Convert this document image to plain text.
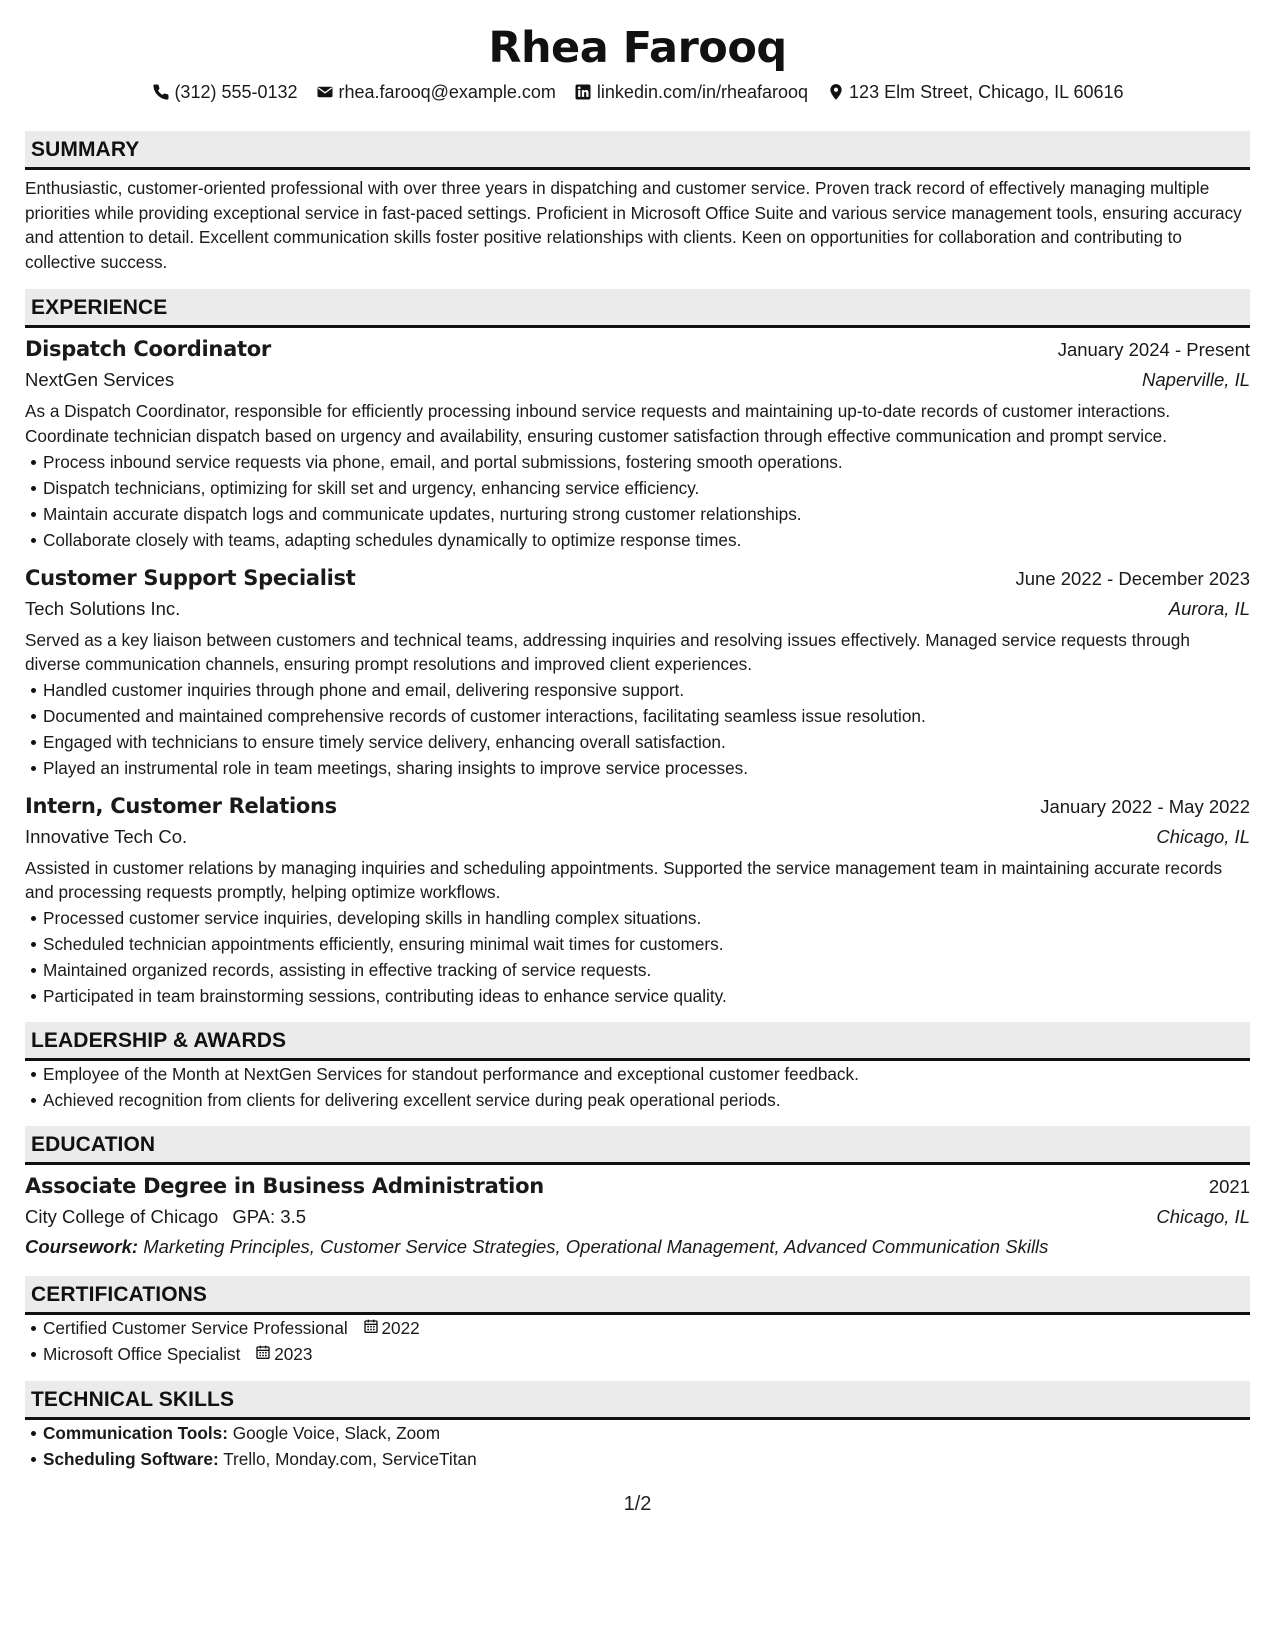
Rhea Farooq
(312) 555-0132 rhea.farooq@example.com linkedin.com/in/rheafarooq 123 Elm Street, Chicago, IL 60616
SUMMARY
Enthusiastic, customer-oriented professional with over three years in dispatching and customer service. Proven track record of effectively managing multiple priorities while providing exceptional service in fast-paced settings. Proficient in Microsoft Office Suite and various service management tools, ensuring accuracy and attention to detail. Excellent communication skills foster positive relationships with clients. Keen on opportunities for collaboration and contributing to collective success.
EXPERIENCE
Dispatch Coordinator	January 2024 - Present
NextGen Services	Naperville, IL
As a Dispatch Coordinator, responsible for efficiently processing inbound service requests and maintaining up-to-date records of customer interactions. Coordinate technician dispatch based on urgency and availability, ensuring customer satisfaction through effective communication and prompt service.
Process inbound service requests via phone, email, and portal submissions, fostering smooth operations.
Dispatch technicians, optimizing for skill set and urgency, enhancing service efficiency.
Maintain accurate dispatch logs and communicate updates, nurturing strong customer relationships.
Collaborate closely with teams, adapting schedules dynamically to optimize response times.
Customer Support Specialist	June 2022 - December 2023
Tech Solutions Inc.	Aurora, IL
Served as a key liaison between customers and technical teams, addressing inquiries and resolving issues effectively. Managed service requests through diverse communication channels, ensuring prompt resolutions and improved client experiences.
Handled customer inquiries through phone and email, delivering responsive support.
Documented and maintained comprehensive records of customer interactions, facilitating seamless issue resolution.
Engaged with technicians to ensure timely service delivery, enhancing overall satisfaction.
Played an instrumental role in team meetings, sharing insights to improve service processes.
Intern, Customer Relations	January 2022 - May 2022
Innovative Tech Co.	Chicago, IL
Assisted in customer relations by managing inquiries and scheduling appointments. Supported the service management team in maintaining accurate records and processing requests promptly, helping optimize workflows.
Processed customer service inquiries, developing skills in handling complex situations.
Scheduled technician appointments efficiently, ensuring minimal wait times for customers.
Maintained organized records, assisting in effective tracking of service requests.
Participated in team brainstorming sessions, contributing ideas to enhance service quality.
LEADERSHIP & AWARDS
Employee of the Month at NextGen Services for standout performance and exceptional customer feedback.
Achieved recognition from clients for delivering excellent service during peak operational periods.
EDUCATION
Associate Degree in Business Administration	2021
City College of Chicago GPA: 3.5	Chicago, IL
Coursework: Marketing Principles, Customer Service Strategies, Operational Management, Advanced Communication Skills
CERTIFICATIONS
Certified Customer Service Professional 2022
Microsoft Office Specialist 2023
TECHNICAL SKILLS
Communication Tools: Google Voice, Slack, Zoom
Scheduling Software: Trello, Monday.com, ServiceTitan
1/2
